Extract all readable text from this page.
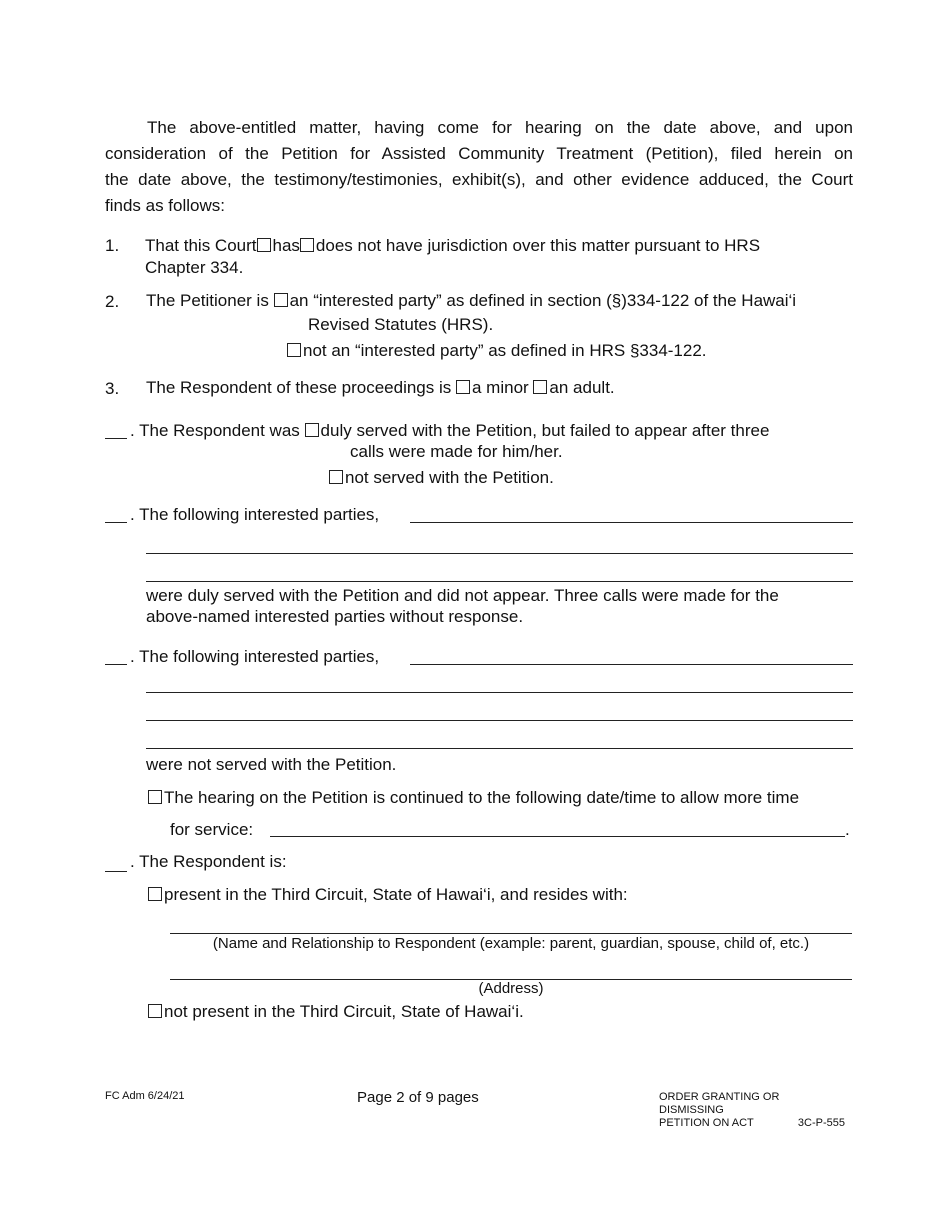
The above-entitled matter, having come for hearing on the date above, and upon

consideration of the Petition for Assisted Community Treatment (Petition), filed herein on

the date above, the testimony/testimonies, exhibit(s), and other evidence adduced, the Court

finds as follows:

1. That this Court has does not have jurisdiction over this matter pursuant to HRS
Chapter 334.
2. The Petitioner is an “interested party” as defined in section (§)334-122 of the Hawai‘i
Revised Statutes (HRS).
not an “interested party” as defined in HRS §334-122.
3. The Respondent of these proceedings is a minor an adult.
. The Respondent was duly served with the Petition, but failed to appear after three
calls were made for him/her.
not served with the Petition.
. The following interested parties,
were duly served with the Petition and did not appear. Three calls were made for the
above-named interested parties without response.
. The following interested parties,
were not served with the Petition.
The hearing on the Petition is continued to the following date/time to allow more time
for service:	.
. The Respondent is:
present in the Third Circuit, State of Hawai‘i, and resides with:
(Name and Relationship to Respondent (example: parent, guardian, spouse, child of, etc.)
(Address)
not present in the Third Circuit, State of Hawai‘i.
FC Adm 6/24/21	Page 2 of 9 pages	ORDER GRANTING OR DISMISSING
PETITION ON ACT	3C-P-555
